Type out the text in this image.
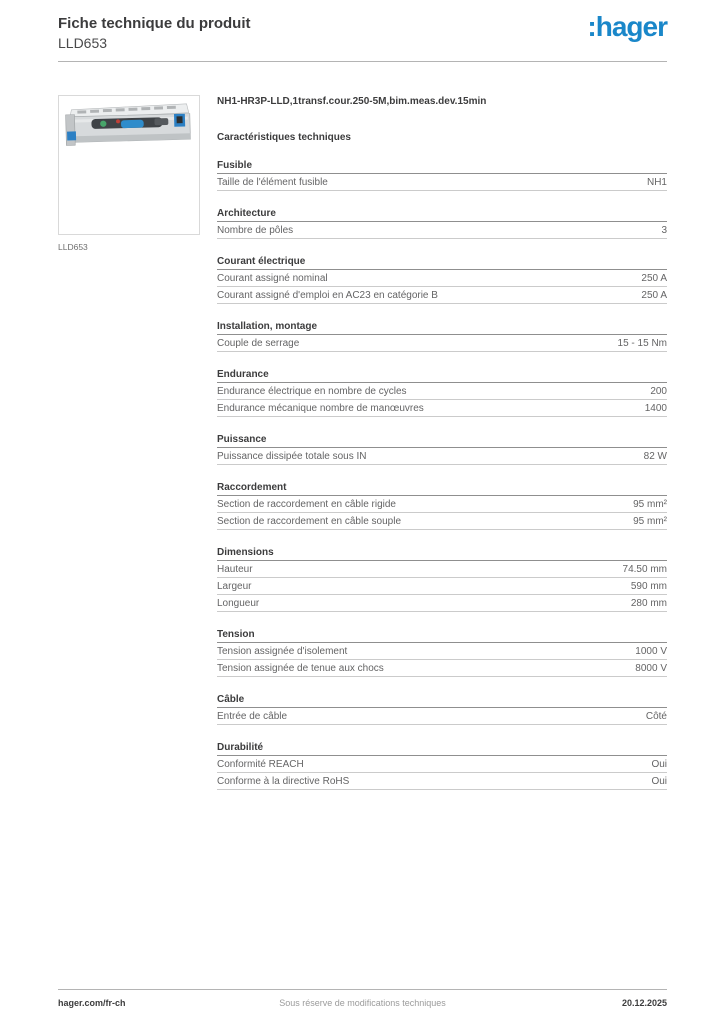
Fiche technique du produit
LLD653
:hager
LLD653
NH1-HR3P-LLD,1transf.cour.250-5M,bim.meas.dev.15min
Caractéristiques techniques
Fusible
Taille de l'élément fusible	NH1
Architecture
Nombre de pôles	3
Courant électrique
Courant assigné nominal	250 A
Courant assigné d'emploi en AC23 en catégorie B	250 A
Installation, montage
Couple de serrage	15 - 15 Nm
Endurance
Endurance électrique en nombre de cycles	200
Endurance mécanique nombre de manœuvres	1400
Puissance
Puissance dissipée totale sous IN	82 W
Raccordement
Section de raccordement en câble rigide	95 mm²
Section de raccordement en câble souple	95 mm²
Dimensions
Hauteur	74.50 mm
Largeur	590 mm
Longueur	280 mm
Tension
Tension assignée d'isolement	1000 V
Tension assignée de tenue aux chocs	8000 V
Câble
Entrée de câble	Côté
Durabilité
Conformité REACH	Oui
Conforme à la directive RoHS	Oui
hager.com/fr-ch	Sous réserve de modifications techniques	20.12.2025
